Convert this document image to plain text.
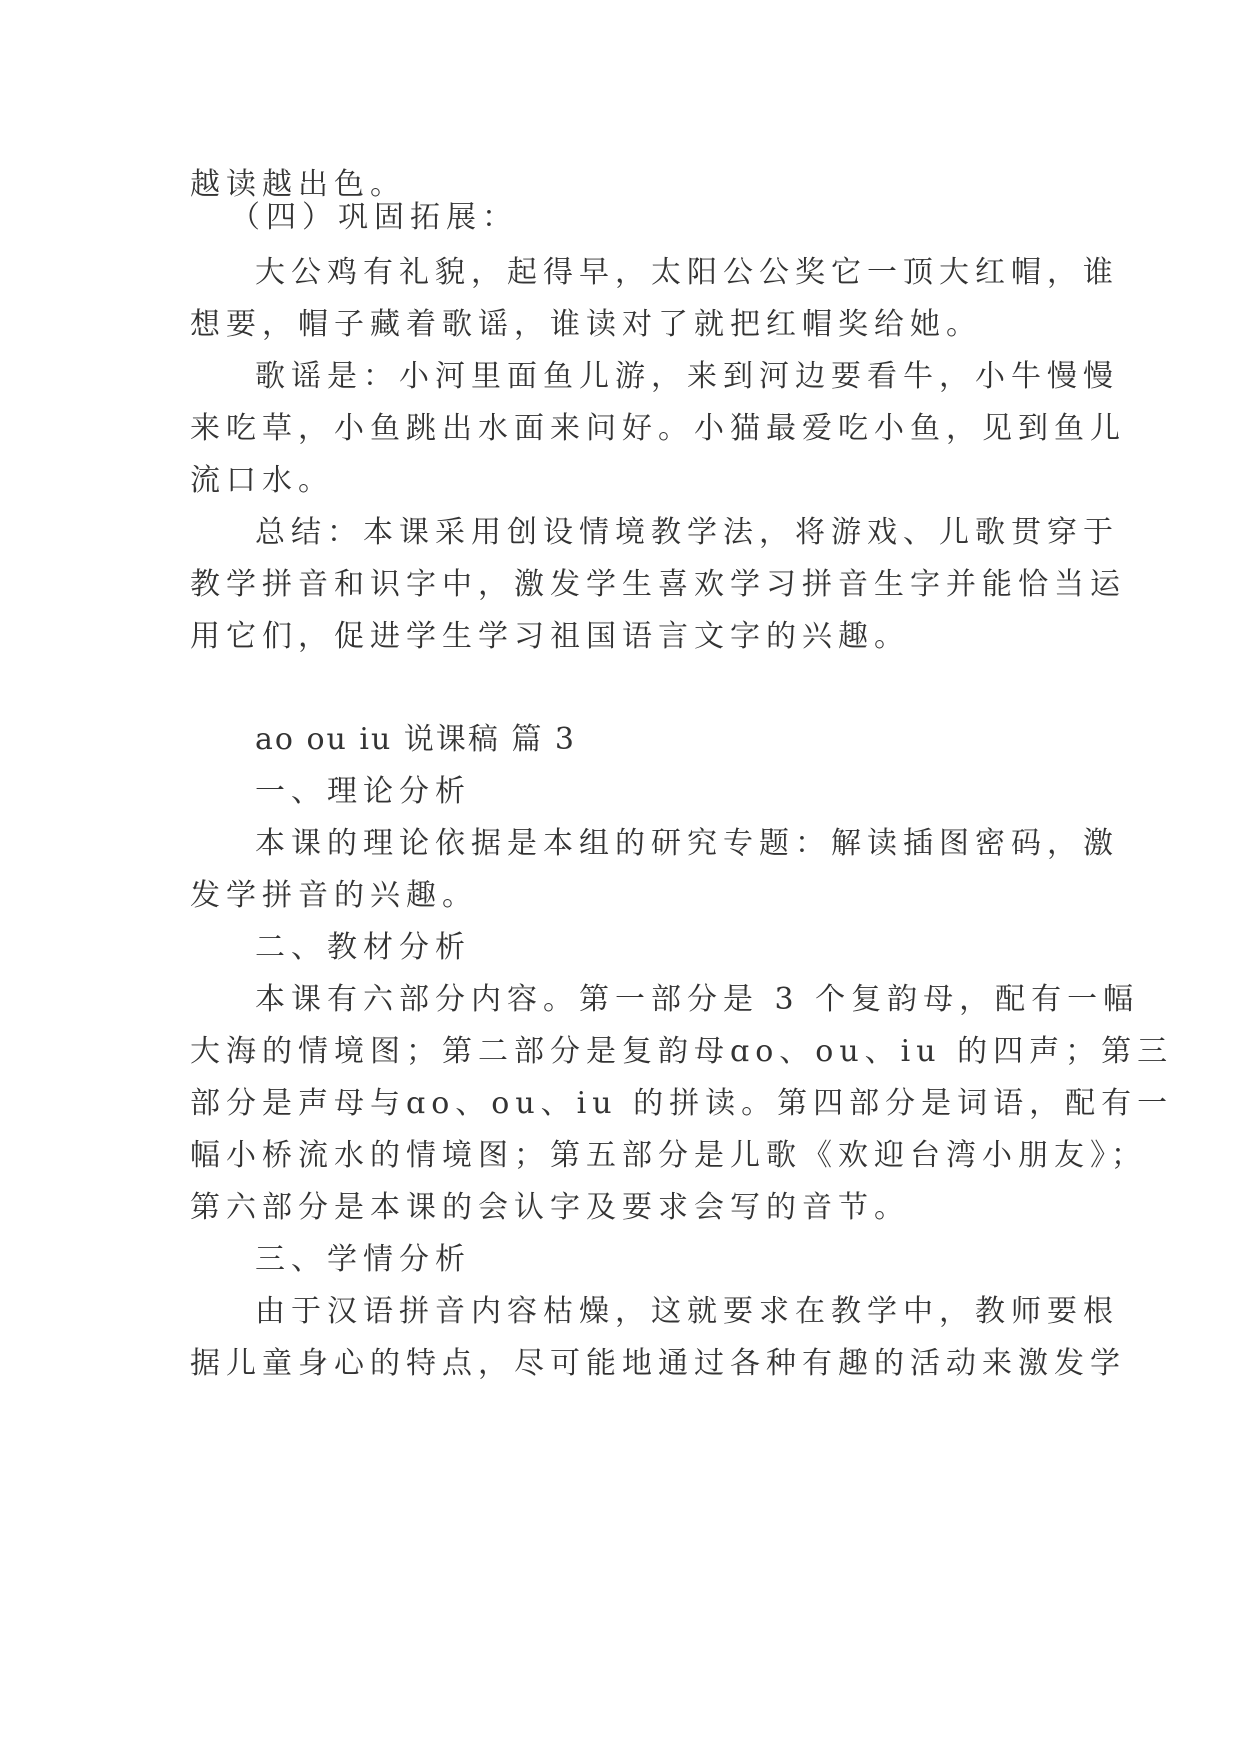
越读越出色。
（四）巩固拓展：
大公鸡有礼貌，起得早，太阳公公奖它一顶大红帽，谁
想要，帽子藏着歌谣，谁读对了就把红帽奖给她。
歌谣是：小河里面鱼儿游，来到河边要看牛，小牛慢慢
来吃草，小鱼跳出水面来问好。小猫最爱吃小鱼，见到鱼儿
流口水。
总结：本课采用创设情境教学法，将游戏、儿歌贯穿于
教学拼音和识字中，激发学生喜欢学习拼音生字并能恰当运
用它们，促进学生学习祖国语言文字的兴趣。
ao ou iu 说课稿 篇 3
一、理论分析
本课的理论依据是本组的研究专题：解读插图密码，激
发学拼音的兴趣。
二、教材分析
本课有六部分内容。第一部分是 3 个复韵母，配有一幅
大海的情境图；第二部分是复韵母ɑo、ou、iu 的四声；第三
部分是声母与ɑo、ou、iu 的拼读。第四部分是词语，配有一
幅小桥流水的情境图；第五部分是儿歌《欢迎台湾小朋友》；
第六部分是本课的会认字及要求会写的音节。
三、学情分析
由于汉语拼音内容枯燥，这就要求在教学中，教师要根
据儿童身心的特点，尽可能地通过各种有趣的活动来激发学
